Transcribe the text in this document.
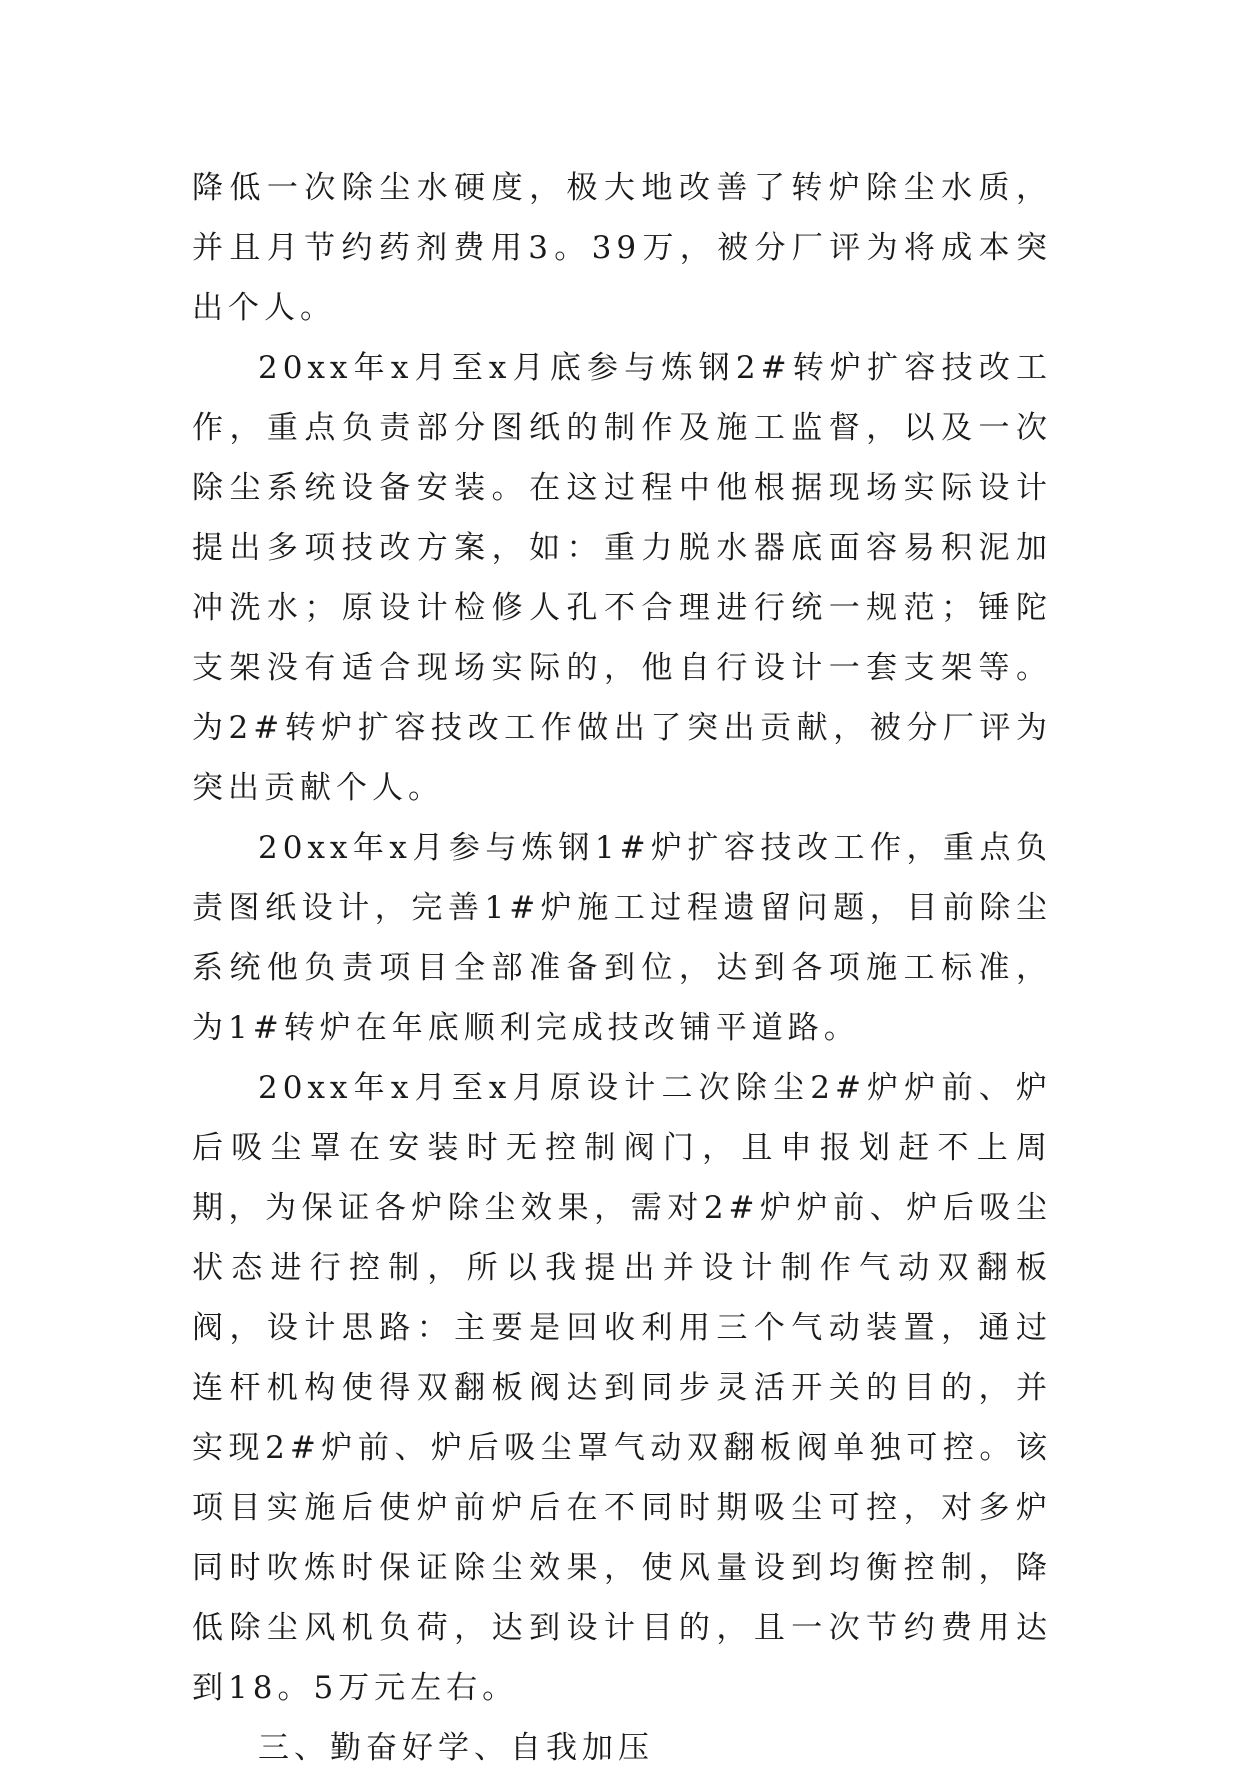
降低一次除尘水硬度，极大地改善了转炉除尘水质，并且月节约药剂费用3。39万，被分厂评为将成本突出个人。

20xx年x月至x月底参与炼钢2#转炉扩容技改工作，重点负责部分图纸的制作及施工监督，以及一次除尘系统设备安装。在这过程中他根据现场实际设计提出多项技改方案，如：重力脱水器底面容易积泥加冲洗水；原设计检修人孔不合理进行统一规范；锤陀支架没有适合现场实际的，他自行设计一套支架等。为2#转炉扩容技改工作做出了突出贡献，被分厂评为突出贡献个人。

20xx年x月参与炼钢1#炉扩容技改工作，重点负责图纸设计，完善1#炉施工过程遗留问题，目前除尘系统他负责项目全部准备到位，达到各项施工标准，为1#转炉在年底顺利完成技改铺平道路。

20xx年x月至x月原设计二次除尘2#炉炉前、炉后吸尘罩在安装时无控制阀门，且申报划赶不上周期，为保证各炉除尘效果，需对2#炉炉前、炉后吸尘状态进行控制，所以我提出并设计制作气动双翻板阀，设计思路：主要是回收利用三个气动装置，通过连杆机构使得双翻板阀达到同步灵活开关的目的，并实现2#炉前、炉后吸尘罩气动双翻板阀单独可控。该项目实施后使炉前炉后在不同时期吸尘可控，对多炉同时吹炼时保证除尘效果，使风量设到均衡控制，降低除尘风机负荷，达到设计目的，且一次节约费用达到18。5万元左右。

三、勤奋好学、自我加压
